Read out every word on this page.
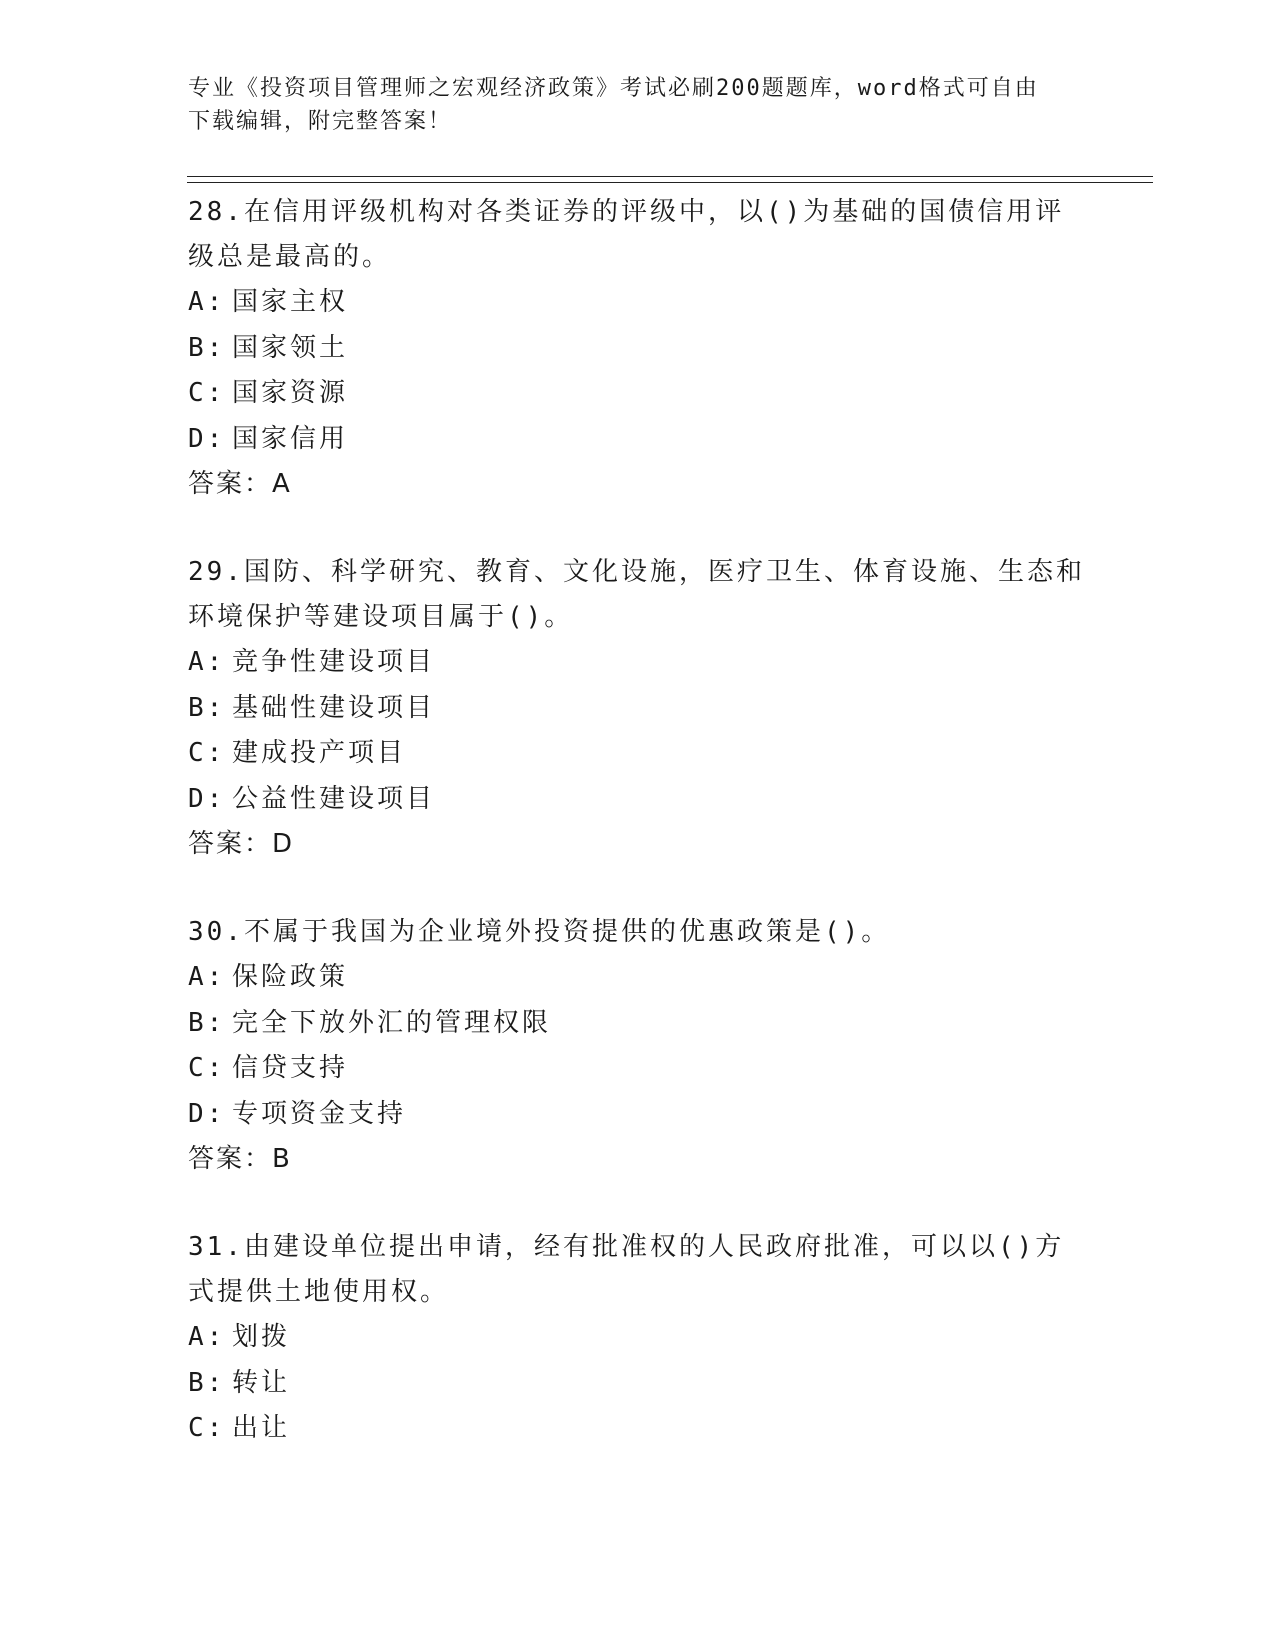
专业《投资项目管理师之宏观经济政策》考试必刷200题题库，word格式可自由
下载编辑，附完整答案！
28.在信用评级机构对各类证券的评级中，以()为基础的国债信用评级总是最高的。
A: 国家主权
B: 国家领土
C: 国家资源
D: 国家信用
答案：A
29.国防、科学研究、教育、文化设施，医疗卫生、体育设施、生态和环境保护等建设项目属于()。
A: 竞争性建设项目
B: 基础性建设项目
C: 建成投产项目
D: 公益性建设项目
答案：D
30.不属于我国为企业境外投资提供的优惠政策是()。
A: 保险政策
B: 完全下放外汇的管理权限
C: 信贷支持
D: 专项资金支持
答案：B
31.由建设单位提出申请，经有批准权的人民政府批准，可以以()方式提供土地使用权。
A: 划拨
B: 转让
C: 出让
